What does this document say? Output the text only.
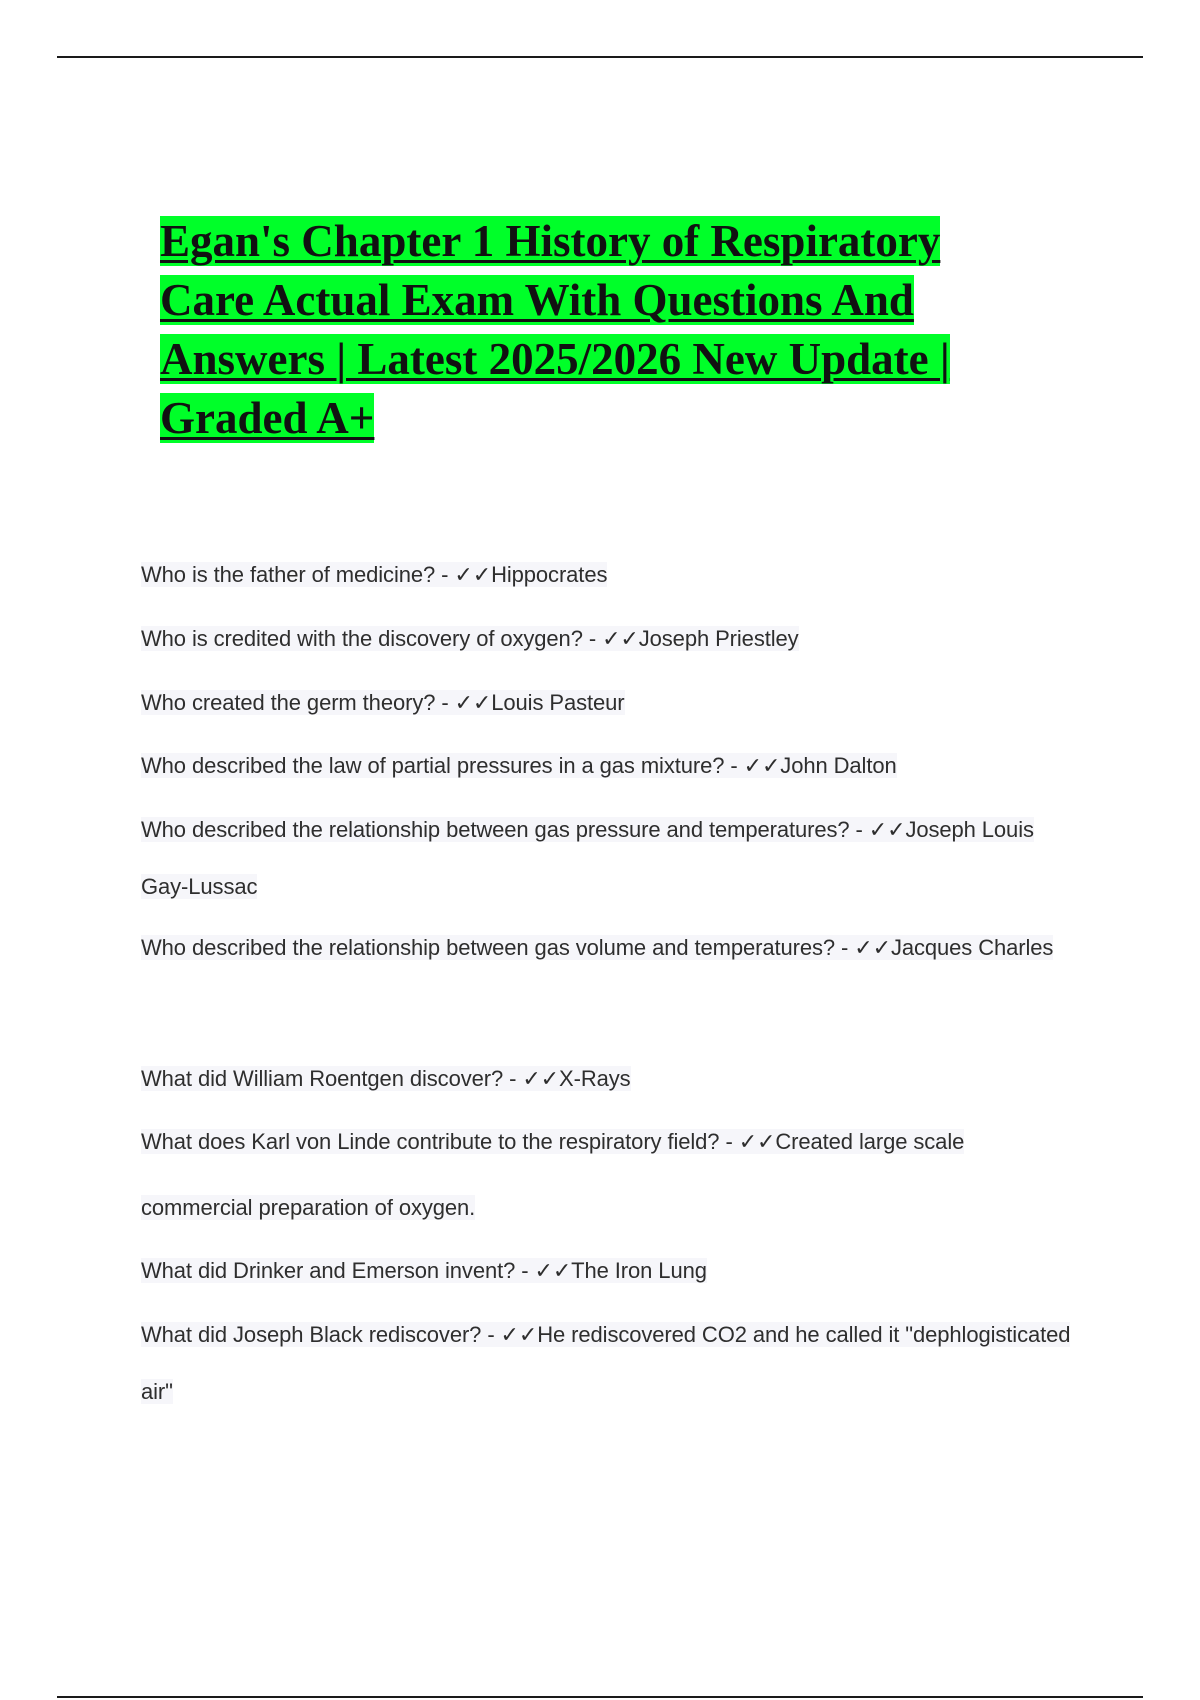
Egan's Chapter 1 History of Respiratory Care Actual Exam With Questions And Answers | Latest 2025/2026 New Update | Graded A+

Who is the father of medicine? - ✓✓Hippocrates

Who is credited with the discovery of oxygen? - ✓✓Joseph Priestley

Who created the germ theory? - ✓✓Louis Pasteur

Who described the law of partial pressures in a gas mixture? - ✓✓John Dalton

Who described the relationship between gas pressure and temperatures? - ✓✓Joseph Louis Gay-Lussac

Who described the relationship between gas volume and temperatures? - ✓✓Jacques Charles

What did William Roentgen discover? - ✓✓X-Rays

What does Karl von Linde contribute to the respiratory field? - ✓✓Created large scale commercial preparation of oxygen.

What did Drinker and Emerson invent? - ✓✓The Iron Lung

What did Joseph Black rediscover? - ✓✓He rediscovered CO2 and he called it "dephlogisticated air"
